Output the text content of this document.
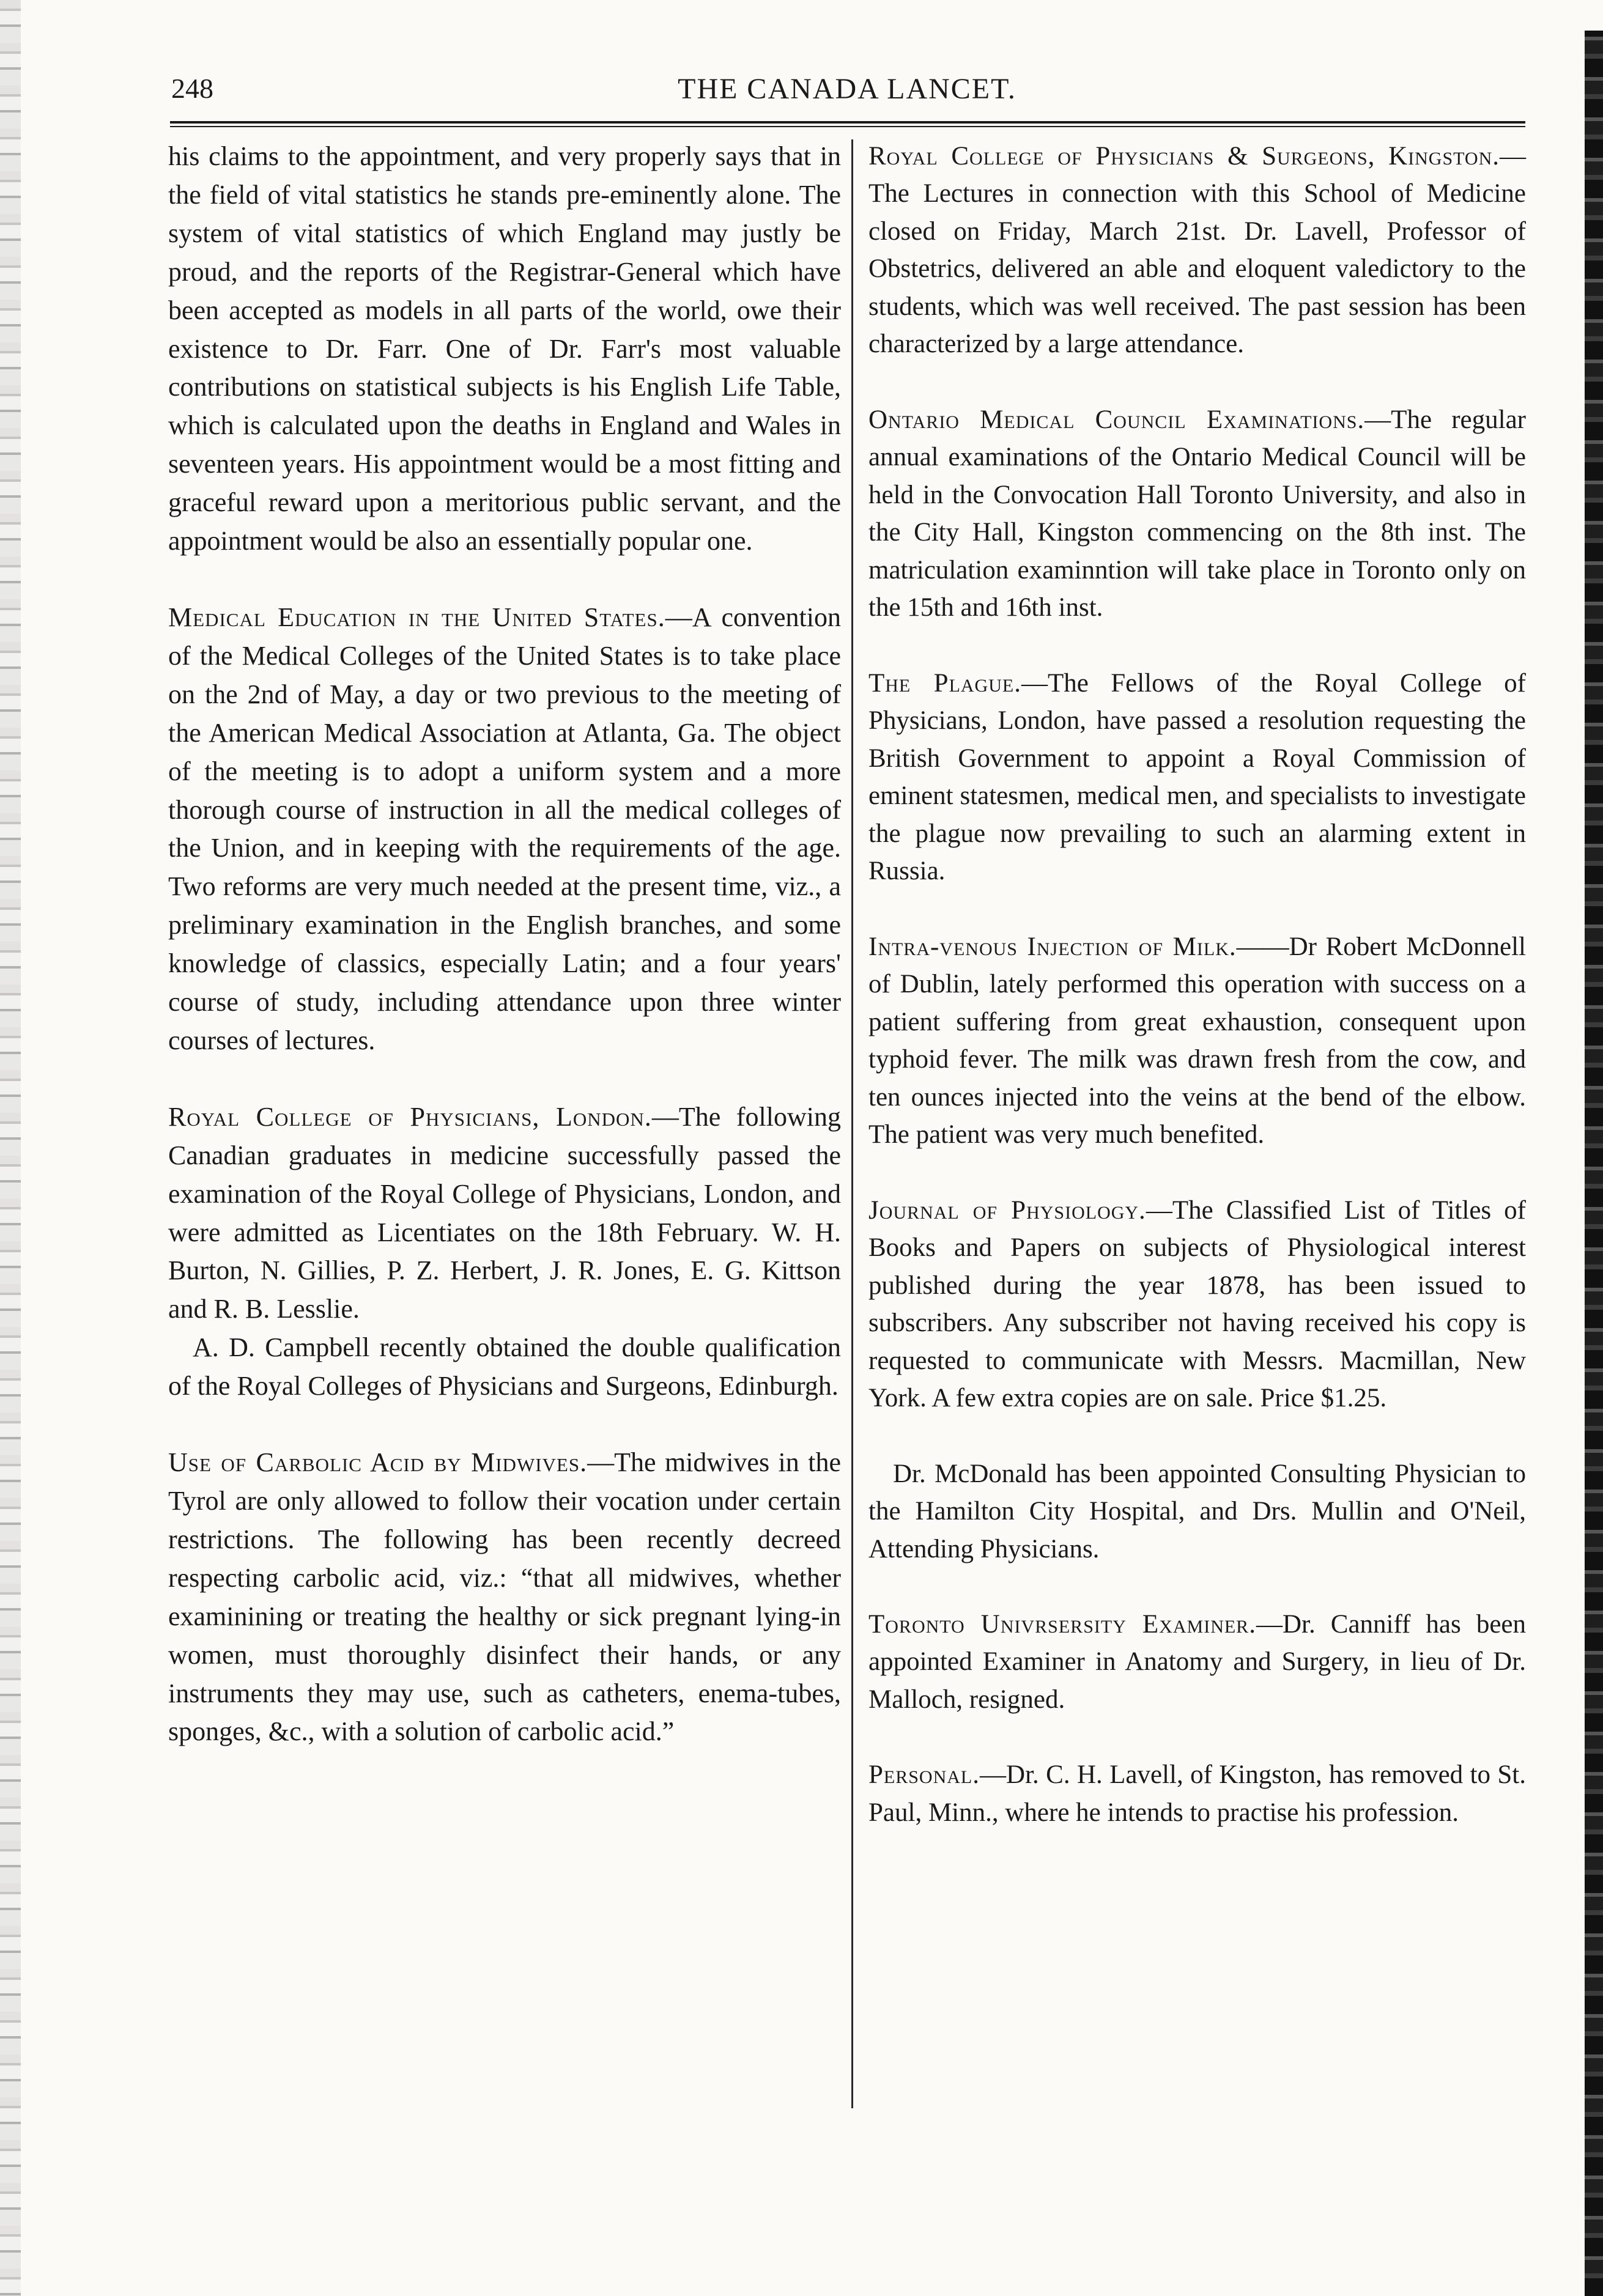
248	THE CANADA LANCET.

his claims to the appointment, and very properly says that in the field of vital statistics he stands pre-eminently alone. The system of vital statistics of which England may justly be proud, and the reports of the Registrar-General which have been accepted as models in all parts of the world, owe their existence to Dr. Farr. One of Dr. Farr's most valuable contributions on statistical subjects is his English Life Table, which is calculated upon the deaths in England and Wales in seventeen years. His appointment would be a most fitting and graceful reward upon a meritorious public servant, and the appointment would be also an essentially popular one.

Medical Education in the United States.—A convention of the Medical Colleges of the United States is to take place on the 2nd of May, a day or two previous to the meeting of the American Medical Association at Atlanta, Ga. The object of the meeting is to adopt a uniform system and a more thorough course of instruction in all the medical colleges of the Union, and in keeping with the requirements of the age. Two reforms are very much needed at the present time, viz., a preliminary examination in the English branches, and some knowledge of classics, especially Latin; and a four years' course of study, including attendance upon three winter courses of lectures.

Royal College of Physicians, London.—The following Canadian graduates in medicine successfully passed the examination of the Royal College of Physicians, London, and were admitted as Licentiates on the 18th February. W. H. Burton, N. Gillies, P. Z. Herbert, J. R. Jones, E. G. Kittson and R. B. Lesslie.

A. D. Campbell recently obtained the double qualification of the Royal Colleges of Physicians and Surgeons, Edinburgh.

Use of Carbolic Acid by Midwives.—The midwives in the Tyrol are only allowed to follow their vocation under certain restrictions. The following has been recently decreed respecting carbolic acid, viz.: “that all midwives, whether examinining or treating the healthy or sick pregnant lying-in women, must thoroughly disinfect their hands, or any instruments they may use, such as catheters, enema-tubes, sponges, &c., with a solution of carbolic acid.”

Royal College of Physicians & Surgeons, Kingston.—The Lectures in connection with this School of Medicine closed on Friday, March 21st. Dr. Lavell, Professor of Obstetrics, delivered an able and eloquent valedictory to the students, which was well received. The past session has been characterized by a large attendance.

Ontario Medical Council Examinations.—The regular annual examinations of the Ontario Medical Council will be held in the Convocation Hall Toronto University, and also in the City Hall, Kingston commencing on the 8th inst. The matriculation examinntion will take place in Toronto only on the 15th and 16th inst.

The Plague.—The Fellows of the Royal College of Physicians, London, have passed a resolution requesting the British Government to appoint a Royal Commission of eminent statesmen, medical men, and specialists to investigate the plague now prevailing to such an alarming extent in Russia.

Intra-venous Injection of Milk.——Dr Robert McDonnell of Dublin, lately performed this operation with success on a patient suffering from great exhaustion, consequent upon typhoid fever. The milk was drawn fresh from the cow, and ten ounces injected into the veins at the bend of the elbow. The patient was very much benefited.

Journal of Physiology.—The Classified List of Titles of Books and Papers on subjects of Physiological interest published during the year 1878, has been issued to subscribers. Any subscriber not having received his copy is requested to communicate with Messrs. Macmillan, New York. A few extra copies are on sale. Price $1.25.

Dr. McDonald has been appointed Consulting Physician to the Hamilton City Hospital, and Drs. Mullin and O'Neil, Attending Physicians.

Toronto Univrsersity Examiner.—Dr. Canniff has been appointed Examiner in Anatomy and Surgery, in lieu of Dr. Malloch, resigned.

Personal.—Dr. C. H. Lavell, of Kingston, has removed to St. Paul, Minn., where he intends to practise his profession.
